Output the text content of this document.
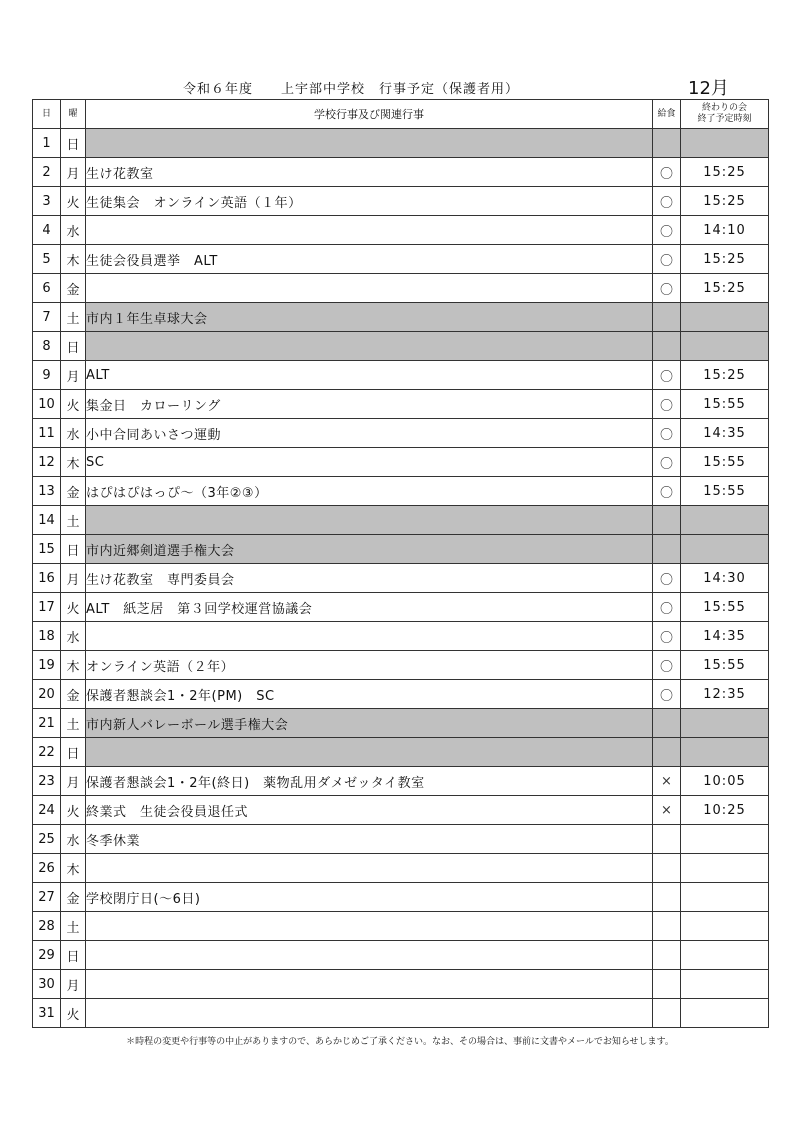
令和６年度　　上宇部中学校　行事予定（保護者用）	12月
日	曜	学校行事及び関連行事	給食	終わりの会
終了予定時刻

1	日			
2	月	生け花教室	〇	15:25
3	火	生徒集会　オンライン英語（１年）	〇	15:25
4	水		〇	14:10
5	木	生徒会役員選挙　ALT	〇	15:25
6	金		〇	15:25
7	土	市内１年生卓球大会		
8	日			
9	月	ALT	〇	15:25
10	火	集金日　カローリング	〇	15:55
11	水	小中合同あいさつ運動	〇	14:35
12	木	SC	〇	15:55
13	金	はぴはぴはっぴ～（3年②③）	〇	15:55
14	土			
15	日	市内近郷剣道選手権大会		
16	月	生け花教室　専門委員会	〇	14:30
17	火	ALT　紙芝居　第３回学校運営協議会	〇	15:55
18	水		〇	14:35
19	木	オンライン英語（２年）	〇	15:55
20	金	保護者懇談会1・2年(PM)　SC	〇	12:35
21	土	市内新人バレーボール選手権大会		
22	日			
23	月	保護者懇談会1・2年(終日)　薬物乱用ダメゼッタイ教室	×	10:05
24	火	終業式　生徒会役員退任式	×	10:25
25	水	冬季休業		
26	木			
27	金	学校閉庁日(～6日)		
28	土			
29	日			
30	月			
31	火			
＊時程の変更や行事等の中止がありますので、あらかじめご了承ください。なお、その場合は、事前に文書やメールでお知らせします。
